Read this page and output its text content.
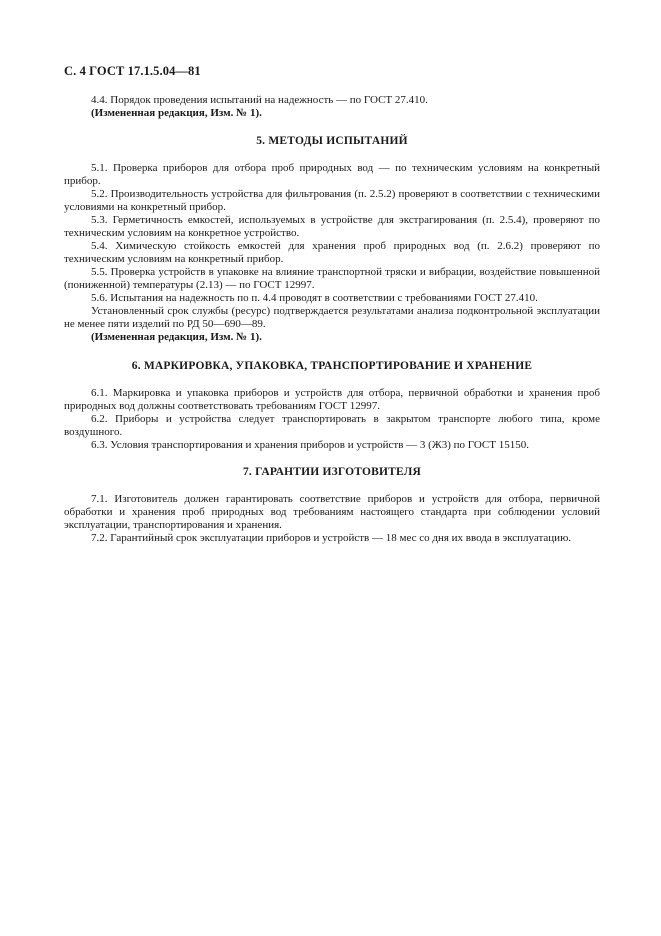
С. 4 ГОСТ 17.1.5.04—81

4.4. Порядок проведения испытаний на надежность — по ГОСТ 27.410.

(Измененная редакция, Изм. № 1).

5. МЕТОДЫ ИСПЫТАНИЙ

5.1. Проверка приборов для отбора проб природных вод — по техническим условиям на конкретный прибор.

5.2. Производительность устройства для фильтрования (п. 2.5.2) проверяют в соответствии с техническими условиями на конкретный прибор.

5.3. Герметичность емкостей, используемых в устройстве для экстрагирования (п. 2.5.4), проверяют по техническим условиям на конкретное устройство.

5.4. Химическую стойкость емкостей для хранения проб природных вод (п. 2.6.2) проверяют по техническим условиям на конкретный прибор.

5.5. Проверка устройств в упаковке на влияние транспортной тряски и вибрации, воздействие повышенной (пониженной) температуры (2.13) — по ГОСТ 12997.

5.6. Испытания на надежность по п. 4.4 проводят в соответствии с требованиями ГОСТ 27.410.

Установленный срок службы (ресурс) подтверждается результатами анализа подконтрольной эксплуатации не менее пяти изделий по РД 50—690—89.

(Измененная редакция, Изм. № 1).

6. МАРКИРОВКА, УПАКОВКА, ТРАНСПОРТИРОВАНИЕ И ХРАНЕНИЕ

6.1. Маркировка и упаковка приборов и устройств для отбора, первичной обработки и хранения проб природных вод должны соответствовать требованиям ГОСТ 12997.

6.2. Приборы и устройства следует транспортировать в закрытом транспорте любого типа, кроме воздушного.

6.3. Условия транспортирования и хранения приборов и устройств — 3 (Ж3) по ГОСТ 15150.

7. ГАРАНТИИ ИЗГОТОВИТЕЛЯ

7.1. Изготовитель должен гарантировать соответствие приборов и устройств для отбора, первичной обработки и хранения проб природных вод требованиям настоящего стандарта при соблюдении условий эксплуатации, транспортирования и хранения.

7.2. Гарантийный срок эксплуатации приборов и устройств — 18 мес со дня их ввода в эксплуатацию.
